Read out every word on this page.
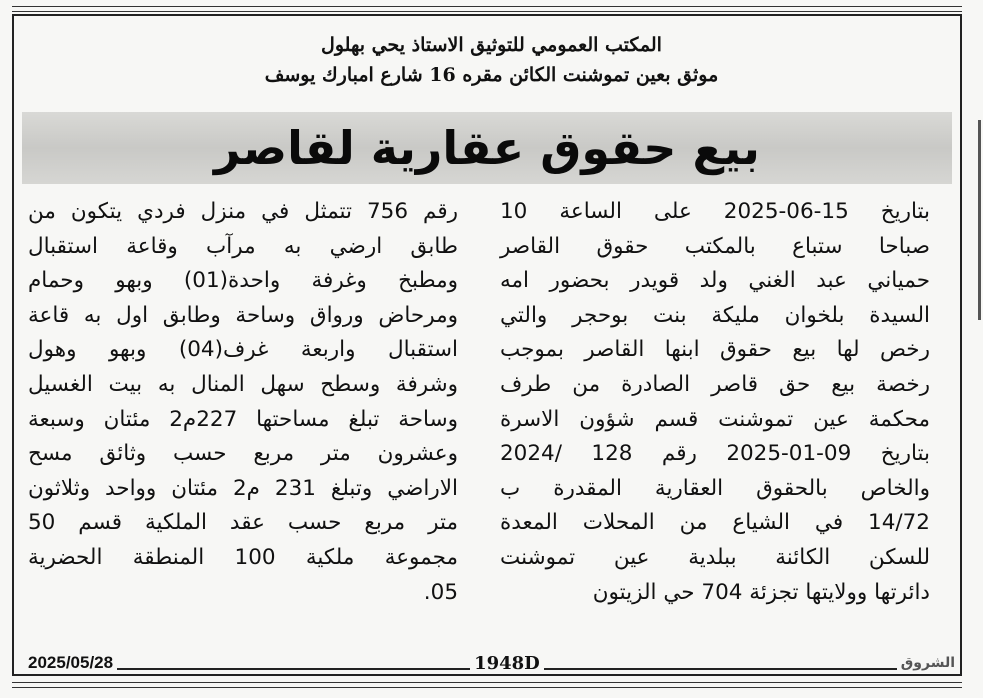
المكتب العمومي للتوثيق الاستاذ يحي بهلول
موثق بعين تموشنت الكائن مقره 16 شارع امبارك يوسف
بيع حقوق عقارية لقاصر
بتاريخ 15-06-2025 على الساعة 10
صباحا ستباع بالمكتب حقوق القاصر
حمياني عبد الغني ولد قويدر بحضور امه
السيدة بلخوان مليكة بنت بوحجر والتي
رخص لها بيع حقوق ابنها القاصر بموجب
رخصة بيع حق قاصر الصادرة من طرف
محكمة عين تموشنت قسم شؤون الاسرة
بتاريخ 09-01-2025 رقم 128 /2024
والخاص بالحقوق العقارية المقدرة ب
14/72 في الشياع من المحلات المعدة
للسكن الكائنة ببلدية عين تموشنت
دائرتها وولايتها تجزئة 704 حي الزيتون
رقم 756 تتمثل في منزل فردي يتكون من
طابق ارضي به مرآب وقاعة استقبال
ومطبخ وغرفة واحدة(01) وبهو وحمام
ومرحاض ورواق وساحة وطابق اول به قاعة
استقبال واربعة غرف(04) وبهو وهول
وشرفة وسطح سهل المنال به بيت الغسيل
وساحة تبلغ مساحتها 227م2 مئتان وسبعة
وعشرون متر مربع حسب وثائق مسح
الاراضي وتبلغ 231 م2 مئتان وواحد وثلاثون
متر مربع حسب عقد الملكية قسم 50
مجموعة ملكية 100 المنطقة الحضرية
05.
2025/05/28	1948D	الشروق
